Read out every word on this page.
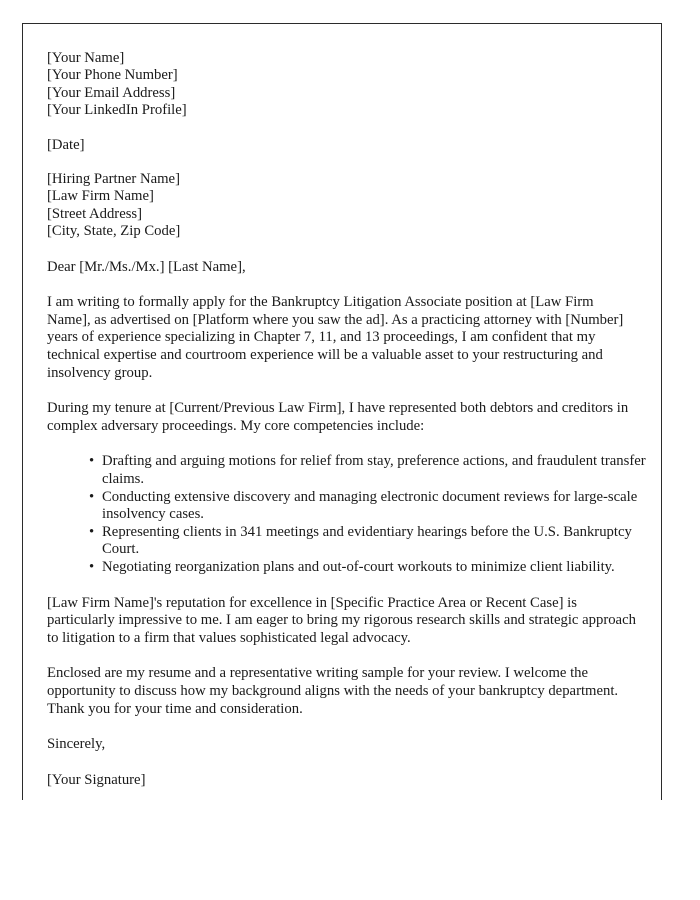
[Your Name]
[Your Phone Number]
[Your Email Address]
[Your LinkedIn Profile]
[Date]
[Hiring Partner Name]
[Law Firm Name]
[Street Address]
[City, State, Zip Code]
Dear [Mr./Ms./Mx.] [Last Name],

I am writing to formally apply for the Bankruptcy Litigation Associate position at [Law Firm Name], as advertised on [Platform where you saw the ad]. As a practicing attorney with [Number] years of experience specializing in Chapter 7, 11, and 13 proceedings, I am confident that my technical expertise and courtroom experience will be a valuable asset to your restructuring and insolvency group.

During my tenure at [Current/Previous Law Firm], I have represented both debtors and creditors in complex adversary proceedings. My core competencies include:

• Drafting and arguing motions for relief from stay, preference actions, and fraudulent transfer claims.
• Conducting extensive discovery and managing electronic document reviews for large-scale insolvency cases.
• Representing clients in 341 meetings and evidentiary hearings before the U.S. Bankruptcy Court.
• Negotiating reorganization plans and out-of-court workouts to minimize client liability.

[Law Firm Name]'s reputation for excellence in [Specific Practice Area or Recent Case] is particularly impressive to me. I am eager to bring my rigorous research skills and strategic approach to litigation to a firm that values sophisticated legal advocacy.

Enclosed are my resume and a representative writing sample for your review. I welcome the opportunity to discuss how my background aligns with the needs of your bankruptcy department. Thank you for your time and consideration.

Sincerely,
[Your Signature]
